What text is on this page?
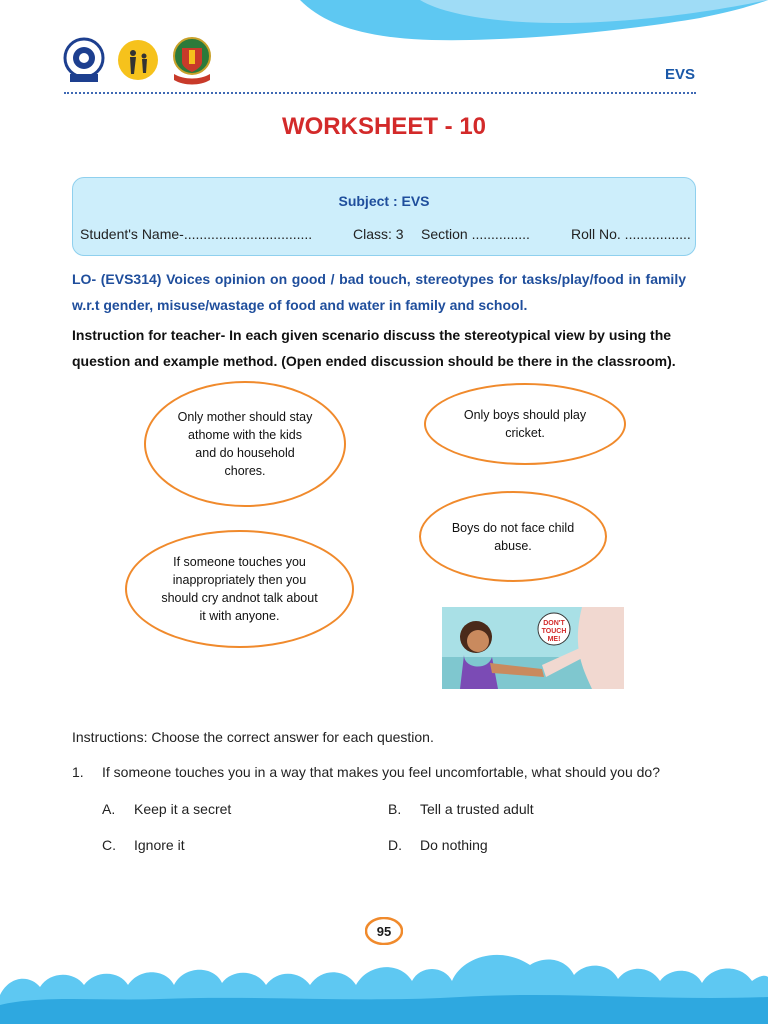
EVS
WORKSHEET - 10
Subject : EVS
Student's Name-.................................	Class: 3 Section ...............	Roll No. .................
LO- (EVS314) Voices opinion on good / bad touch, stereotypes for tasks/play/food in family w.r.t gender, misuse/wastage of food and water in family and school.
Instruction for teacher- In each given scenario discuss the stereotypical view by using the question and example method. (Open ended discussion should be there in the classroom).
Only mother should stay athome with the kids and do household chores.
Only boys should play cricket.
Boys do not face child abuse.
If someone touches you inappropriately then you should cry andnot talk about it with anyone.
DON'T
TOUCH
ME!
Instructions: Choose the correct answer for each question.
1. If someone touches you in a way that makes you feel uncomfortable, what should you do?
A. Keep it a secret	B. Tell a trusted adult
C. Ignore it	D. Do nothing
95
